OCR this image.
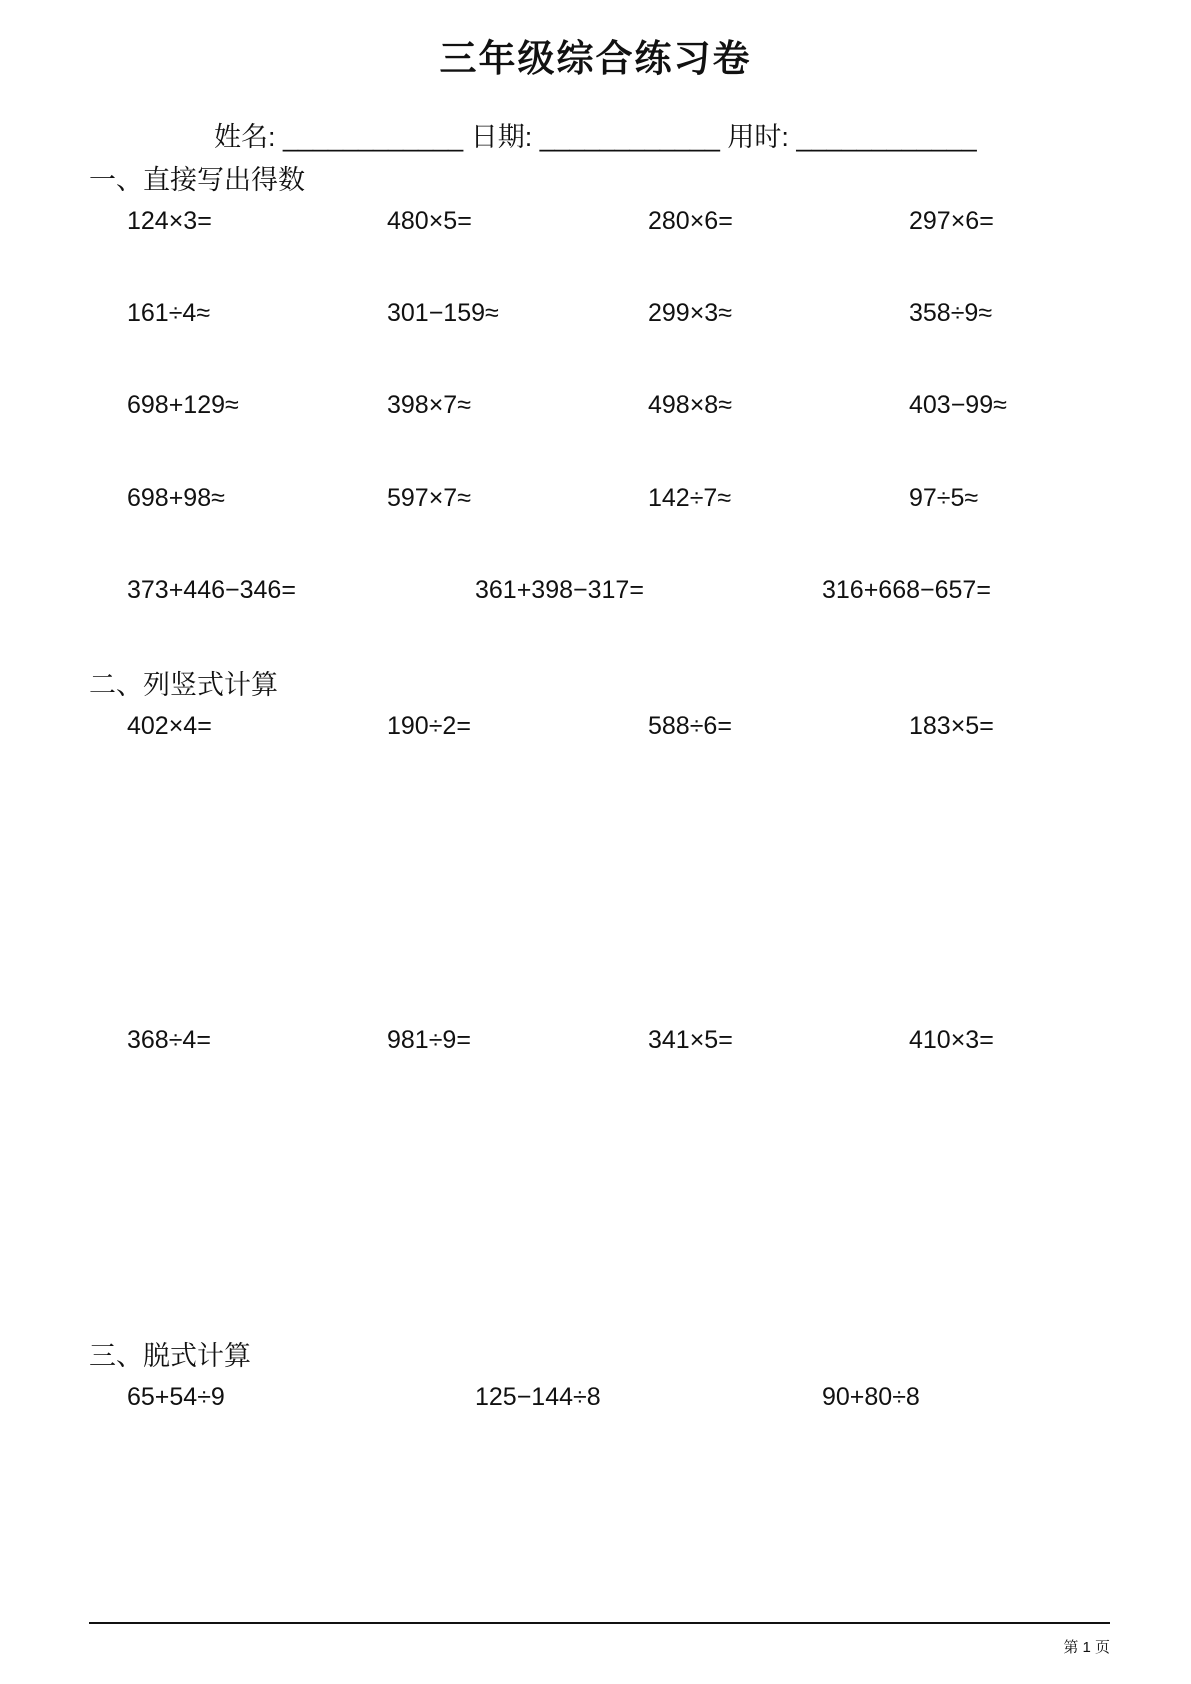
三年级综合练习卷
姓名: ____________ 日期: ____________ 用时: ____________
一、直接写出得数
二、列竖式计算
三、脱式计算
124×3=	480×5=	280×6=	297×6=
161÷4≈	301−159≈	299×3≈	358÷9≈
698+129≈	398×7≈	498×8≈	403−99≈
698+98≈	597×7≈	142÷7≈	97÷5≈
373+446−346=	361+398−317=	316+668−657=
402×4=	190÷2=	588÷6=	183×5=
368÷4=	981÷9=	341×5=	410×3=
65+54÷9	125−144÷8	90+80÷8
第 1 页
